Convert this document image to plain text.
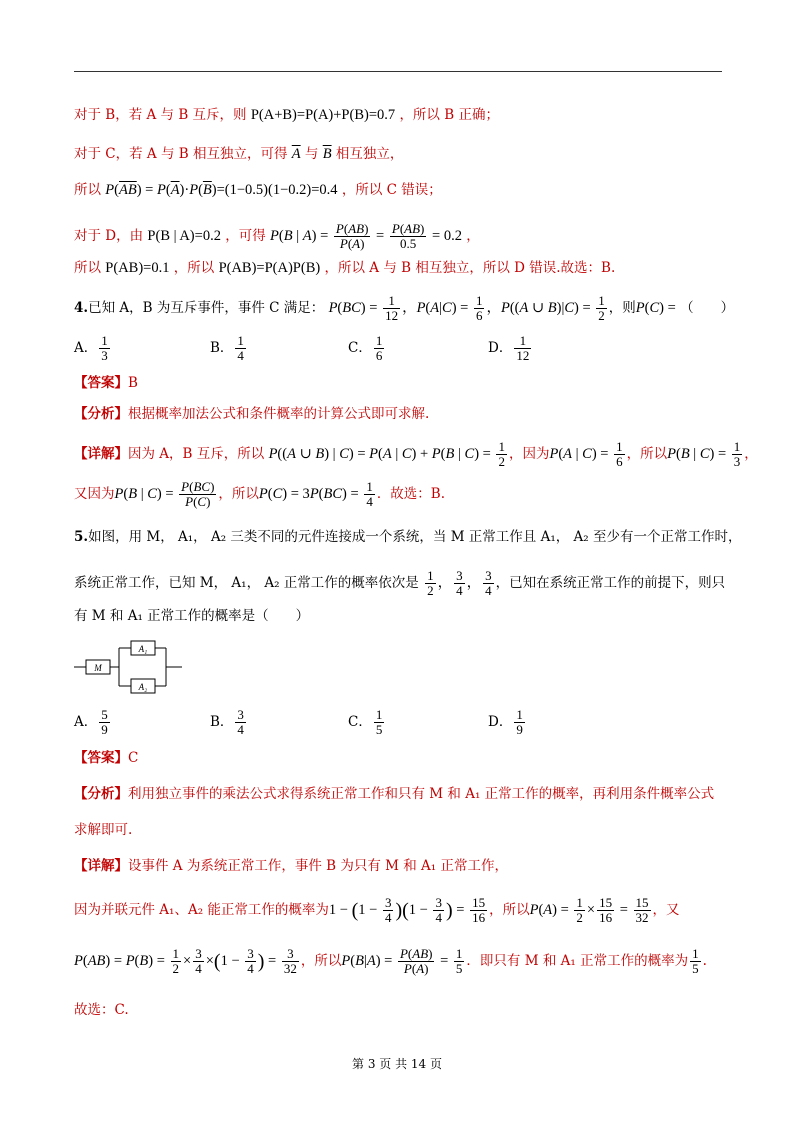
对于 B，若 A 与 B 互斥，则 P(A+B)=P(A)+P(B)=0.7 ，所以 B 正确；
对于 C，若 A 与 B 相互独立，可得 $\overline{A}$ 与 $\overline{B}$ 相互独立，
所以 $P(\overline{AB}) = P(\overline{A})\cdot P(\overline{B})=(1-0.5)(1-0.2)=0.4$ ，所以 C 错误；
对于 D，由 P(B | A)=0.2 ，可得 P(B | $A) = \frac{P(AB)}{P(A)} = \frac{P(AB)}{0.5} = 0.2$ ，
所以 P(AB)=0.1 ，所以 P(AB)=P(A)P(B) ，所以 A 与 B 相互独立，所以 D 错误.故选：B.
4.已知 A，B 为互斥事件，事件 C 满足： $P(BC) = \frac{1}{12}$ ，$P(A|C) = \frac{1}{6}$ ，P((A ∪ $B)|C) = \frac{1}{2}$ ，则P(C) = （　　）
A． $\frac{1}{3}$	B． $\frac{1}{4}$	C． $\frac{1}{6}$	D． $\frac{1}{12}$
【答案】B
【分析】根据概率加法公式和条件概率的计算公式即可求解.
【详解】因为 A，B 互斥，所以 P((A ∪ B) | C) = P(A | C) + P(B | $C) = \frac{1}{2}$ ，因为P(A | $C) = \frac{1}{6}$ ，所以P(B | $C) = \frac{1}{3}$ ，
又因为P(B | $C) = \frac{P(BC)}{P(C)}$ ，所以$P(C) = 3P(BC) = \frac{1}{4}$ ．故选：B.
5.如图，用 M， A₁， A₂ 三类不同的元件连接成一个系统，当 M 正常工作且 A₁， A₂ 至少有一个正常工作时，
系统正常工作，已知 M， A₁， A₂ 正常工作的概率依次是 $\frac{1}{2}$ ， $\frac{3}{4}$ ， $\frac{3}{4}$ ，已知在系统正常工作的前提下，则只
有 M 和 A₁ 正常工作的概率是（　　）
M
A₁
A₂
A． $\frac{5}{9}$	B． $\frac{3}{4}$	C． $\frac{1}{5}$	D． $\frac{1}{9}$
【答案】C
【分析】利用独立事件的乘法公式求得系统正常工作和只有 M 和 A₁ 正常工作的概率，再利用条件概率公式
求解即可.
【详解】设事件 A 为系统正常工作，事件 B 为只有 M 和 A₁ 正常工作，
因为并联元件 A₁、A₂ 能正常工作的概率为$1 - (1 - \frac{3}{4} )(1 - \frac{3}{4}$ ) = $\frac{15}{16}$ ，所以$P(A) = \frac{1}{2} \times \frac{15}{16} = \frac{15}{32}$ ，又
$P(AB) = P(B) = \frac{1}{2} \times \frac{3}{4} \times(1 - \frac{3}{4}$ ) = $\frac{3}{32}$ ，所以$P(B|A) = \frac{P(AB)}{P(A)} = \frac{1}{5}$ ．即只有 M 和 A₁ 正常工作的概率为 $\frac{1}{5}$ .
故选：C.
第 3 页 共 14 页
